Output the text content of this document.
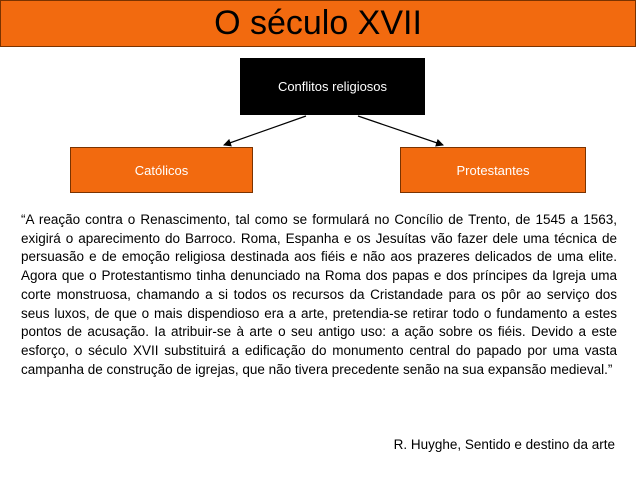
O século XVII
Conflitos religiosos
Católicos	Protestantes

“A reação contra o Renascimento, tal como se formulará no Concílio de Trento, de 1545 a 1563, exigirá o aparecimento do Barroco. Roma, Espanha e os Jesuítas vão fazer dele uma técnica de persuasão e de emoção religiosa destinada aos fiéis e não aos prazeres delicados de uma elite. Agora que o Protestantismo tinha denunciado na Roma dos papas e dos príncipes da Igreja uma corte monstruosa, chamando a si todos os recursos da Cristandade para os pôr ao serviço dos seus luxos, de que o mais dispendioso era a arte, pretendia-se retirar todo o fundamento a estes pontos de acusação. Ia atribuir-se à arte o seu antigo uso: a ação sobre os fiéis. Devido a este esforço, o século XVII substituirá a edificação do monumento central do papado por uma vasta campanha de construção de igrejas, que não tivera precedente senão na sua expansão medieval.”

R. Huyghe, Sentido e destino da arte
